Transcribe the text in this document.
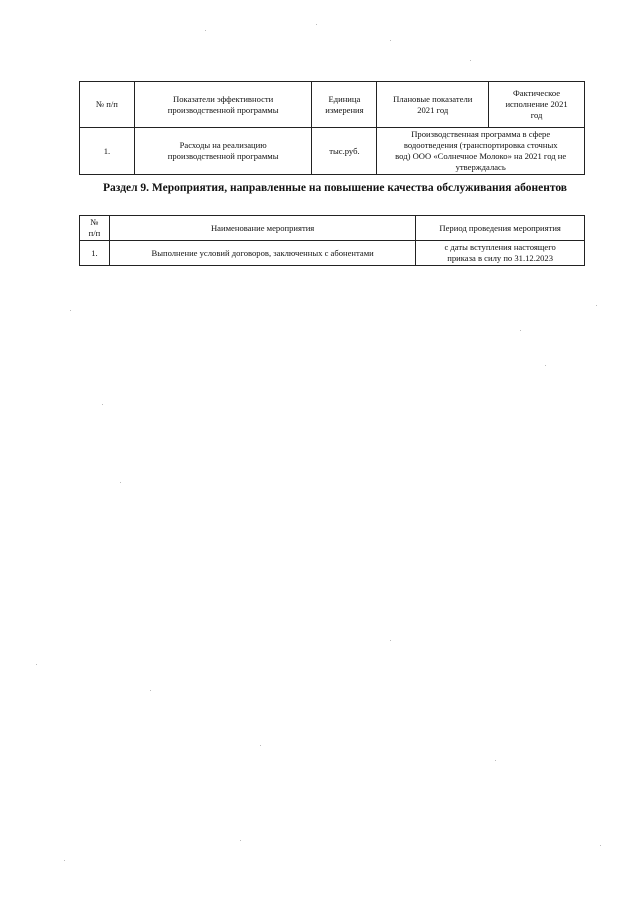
№ п/п	Показатели эффективности
производственной программы	Единица
измерения	Плановые показатели
2021 год	Фактическое
исполнение 2021
год
1.	Расходы на реализацию
производственной программы	тыс.руб.	Производственная программа в сфере
водоотведения (транспортировка сточных
вод) ООО «Солнечное Молоко» на 2021 год не
утверждалась	
Раздел 9. Мероприятия, направленные на повышение качества обслуживания абонентов
№
п/п	Наименование мероприятия	Период проведения мероприятия
1.	Выполнение условий договоров, заключенных с абонентами	с даты вступления настоящего
приказа в силу по 31.12.2023
